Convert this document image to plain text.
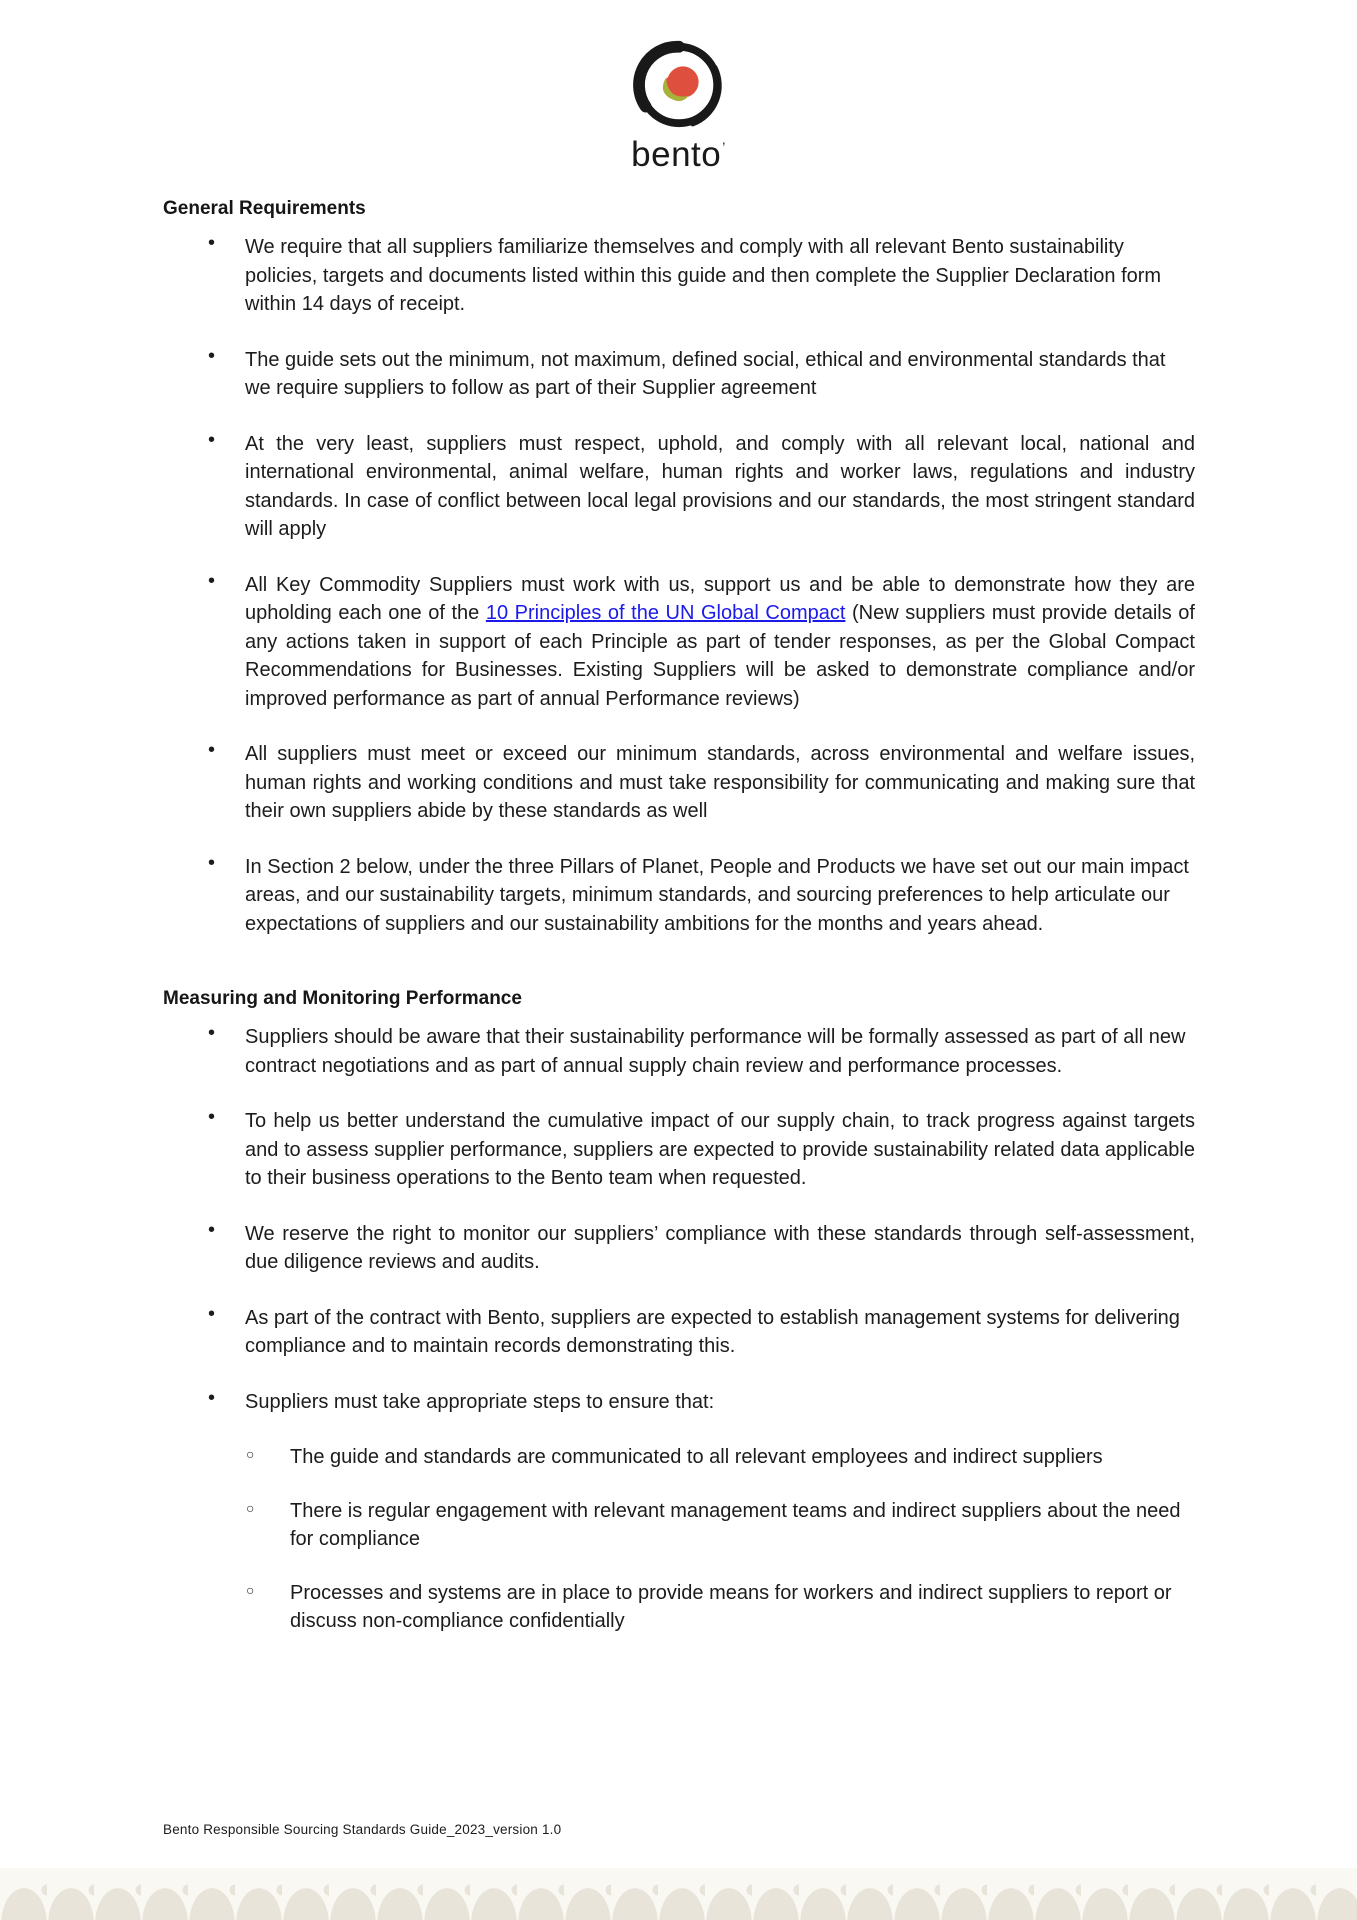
bento’
General Requirements
• We require that all suppliers familiarize themselves and comply with all relevant Bento sustainability policies, targets and documents listed within this guide and then complete the Supplier Declaration form within 14 days of receipt.

• The guide sets out the minimum, not maximum, defined social, ethical and environmental standards that we require suppliers to follow as part of their Supplier agreement

• At the very least, suppliers must respect, uphold, and comply with all relevant local, national and international environmental, animal welfare, human rights and worker laws, regulations and industry standards. In case of conflict between local legal provisions and our standards, the most stringent standard will apply

• All Key Commodity Suppliers must work with us, support us and be able to demonstrate how they are upholding each one of the 10 Principles of the UN Global Compact (New suppliers must provide details of any actions taken in support of each Principle as part of tender responses, as per the Global Compact Recommendations for Businesses. Existing Suppliers will be asked to demonstrate compliance and/or improved performance as part of annual Performance reviews)

• All suppliers must meet or exceed our minimum standards, across environmental and welfare issues, human rights and working conditions and must take responsibility for communicating and making sure that their own suppliers abide by these standards as well

• In Section 2 below, under the three Pillars of Planet, People and Products we have set out our main impact areas, and our sustainability targets, minimum standards, and sourcing preferences to help articulate our expectations of suppliers and our sustainability ambitions for the months and years ahead.

Measuring and Monitoring Performance
• Suppliers should be aware that their sustainability performance will be formally assessed as part of all new contract negotiations and as part of annual supply chain review and performance processes.

• To help us better understand the cumulative impact of our supply chain, to track progress against targets and to assess supplier performance, suppliers are expected to provide sustainability related data applicable to their business operations to the Bento team when requested.

• We reserve the right to monitor our suppliers’ compliance with these standards through self-assessment, due diligence reviews and audits.

• As part of the contract with Bento, suppliers are expected to establish management systems for delivering compliance and to maintain records demonstrating this.

• Suppliers must take appropriate steps to ensure that:

○ The guide and standards are communicated to all relevant employees and indirect suppliers

○ There is regular engagement with relevant management teams and indirect suppliers about the need for compliance

○ Processes and systems are in place to provide means for workers and indirect suppliers to report or discuss non-compliance confidentially

Bento Responsible Sourcing Standards Guide_2023_version 1.0
